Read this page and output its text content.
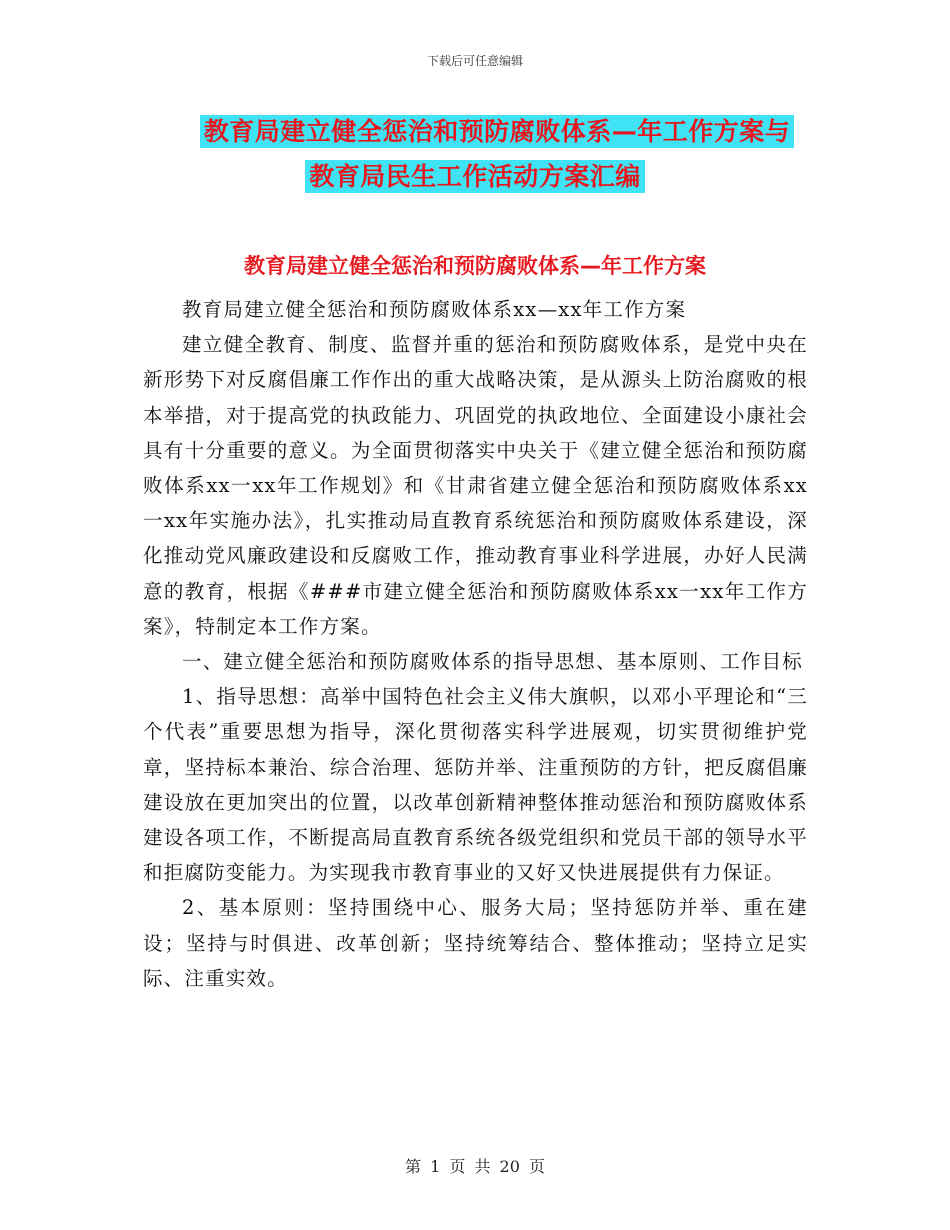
下载后可任意编辑
教育局建立健全惩治和预防腐败体系—年工作方案与
教育局民生工作活动方案汇编
教育局建立健全惩治和预防腐败体系—年工作方案

教育局建立健全惩治和预防腐败体系xx—xx年工作方案

建立健全教育、制度、监督并重的惩治和预防腐败体系，是党中央在新形势下对反腐倡廉工作作出的重大战略决策，是从源头上防治腐败的根本举措，对于提高党的执政能力、巩固党的执政地位、全面建设小康社会具有十分重要的意义。为全面贯彻落实中央关于《建立健全惩治和预防腐败体系xx一xx年工作规划》和《甘肃省建立健全惩治和预防腐败体系xx一xx年实施办法》，扎实推动局直教育系统惩治和预防腐败体系建设，深化推动党风廉政建设和反腐败工作，推动教育事业科学进展，办好人民满意的教育，根据《###市建立健全惩治和预防腐败体系xx一xx年工作方案》，特制定本工作方案。

一、建立健全惩治和预防腐败体系的指导思想、基本原则、工作目标

1、指导思想：高举中国特色社会主义伟大旗帜，以邓小平理论和“三个代表”重要思想为指导，深化贯彻落实科学进展观，切实贯彻维护党章，坚持标本兼治、综合治理、惩防并举、注重预防的方针，把反腐倡廉建设放在更加突出的位置，以改革创新精神整体推动惩治和预防腐败体系建设各项工作，不断提高局直教育系统各级党组织和党员干部的领导水平和拒腐防变能力。为实现我市教育事业的又好又快进展提供有力保证。

2、基本原则：坚持围绕中心、服务大局；坚持惩防并举、重在建设；坚持与时俱进、改革创新；坚持统筹结合、整体推动；坚持立足实际、注重实效。

第 1 页 共 20 页
